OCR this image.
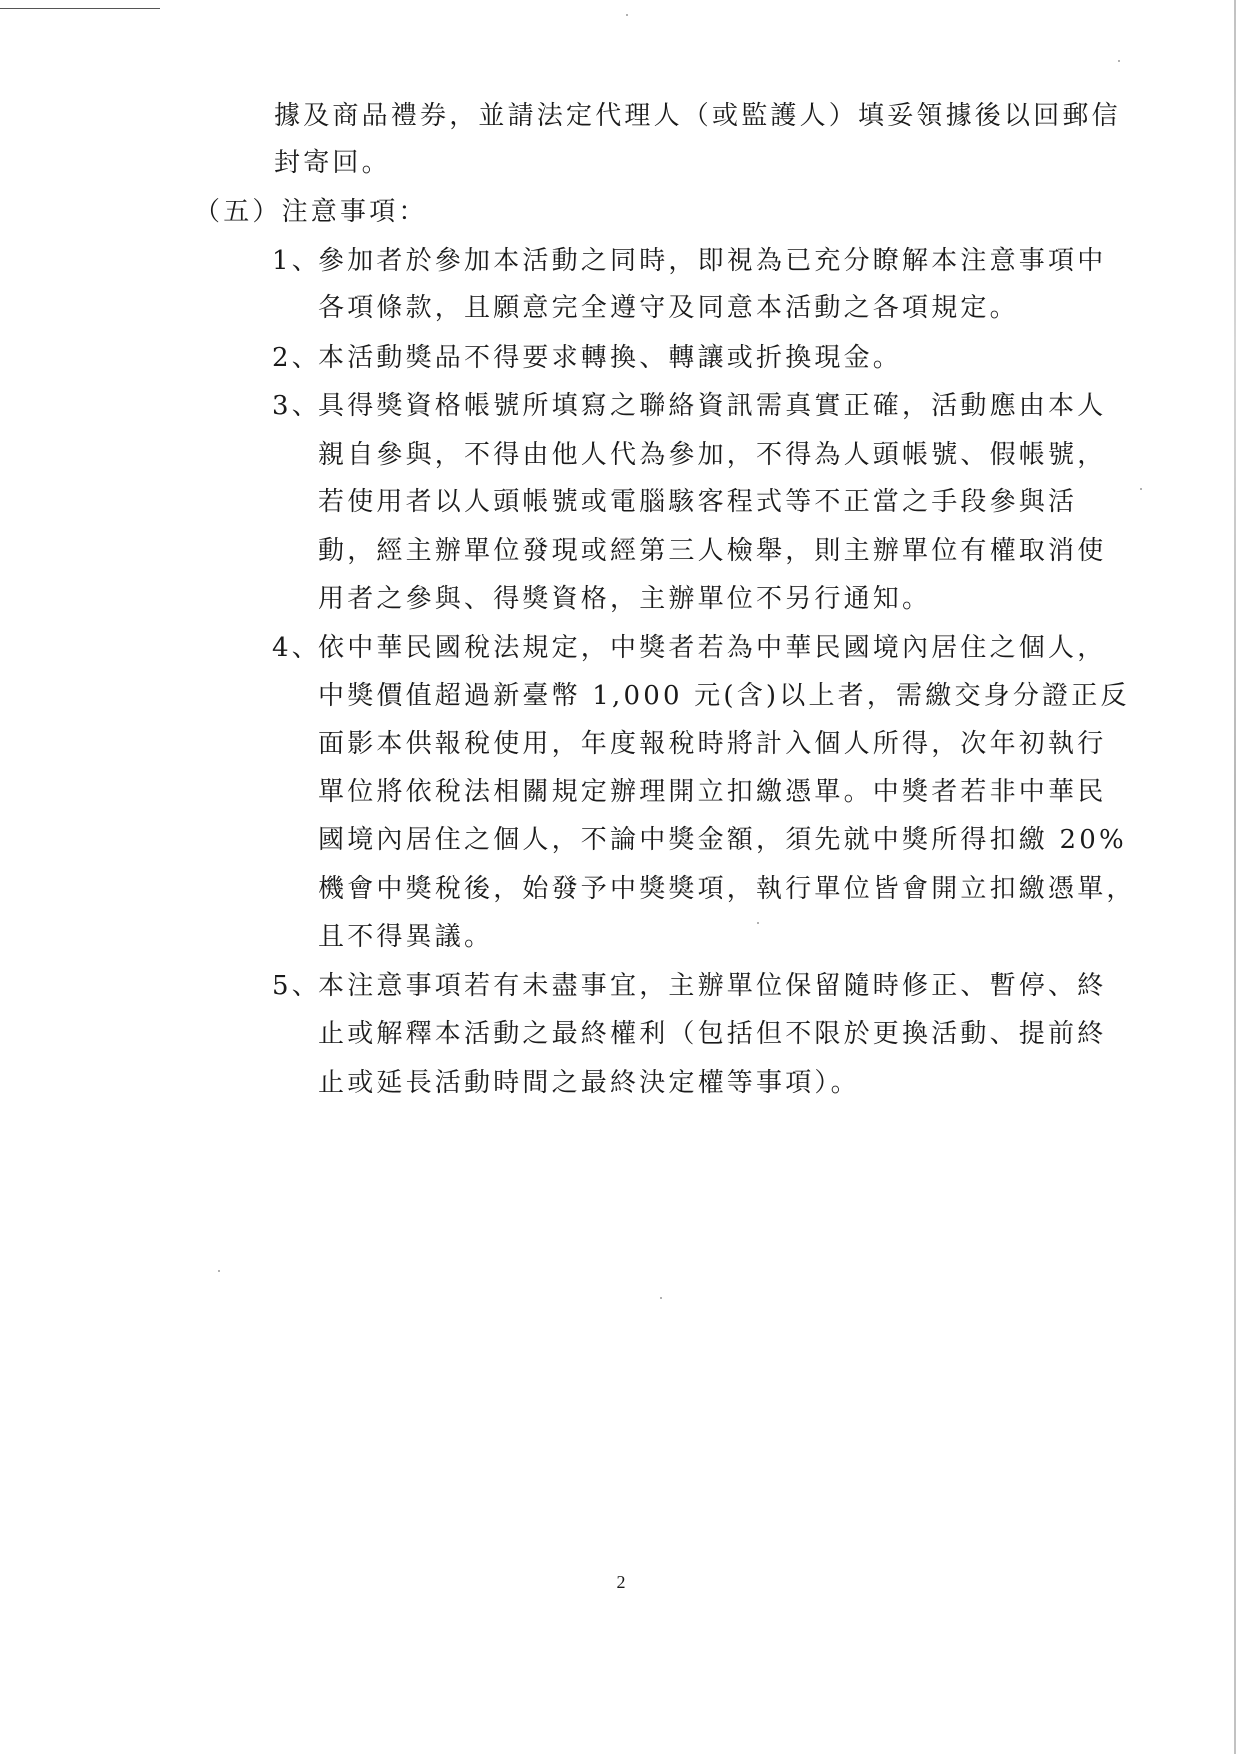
據及商品禮券，並請法定代理人（或監護人）填妥領據後以回郵信
封寄回。
（五）注意事項：
1、
參加者於參加本活動之同時，即視為已充分瞭解本注意事項中
各項條款，且願意完全遵守及同意本活動之各項規定。
2、
本活動獎品不得要求轉換、轉讓或折換現金。
3、
具得獎資格帳號所填寫之聯絡資訊需真實正確，活動應由本人
親自參與，不得由他人代為參加，不得為人頭帳號、假帳號，
若使用者以人頭帳號或電腦駭客程式等不正當之手段參與活
動，經主辦單位發現或經第三人檢舉，則主辦單位有權取消使
用者之參與、得獎資格，主辦單位不另行通知。
4、
依中華民國稅法規定，中獎者若為中華民國境內居住之個人，
中獎價值超過新臺幣 1,000 元(含)以上者，需繳交身分證正反
面影本供報稅使用，年度報稅時將計入個人所得，次年初執行
單位將依稅法相關規定辦理開立扣繳憑單。中獎者若非中華民
國境內居住之個人，不論中獎金額，須先就中獎所得扣繳 20%
機會中獎稅後，始發予中獎獎項，執行單位皆會開立扣繳憑單，
且不得異議。
5、
本注意事項若有未盡事宜，主辦單位保留隨時修正、暫停、終
止或解釋本活動之最終權利（包括但不限於更換活動、提前終
止或延長活動時間之最終決定權等事項）。
2
